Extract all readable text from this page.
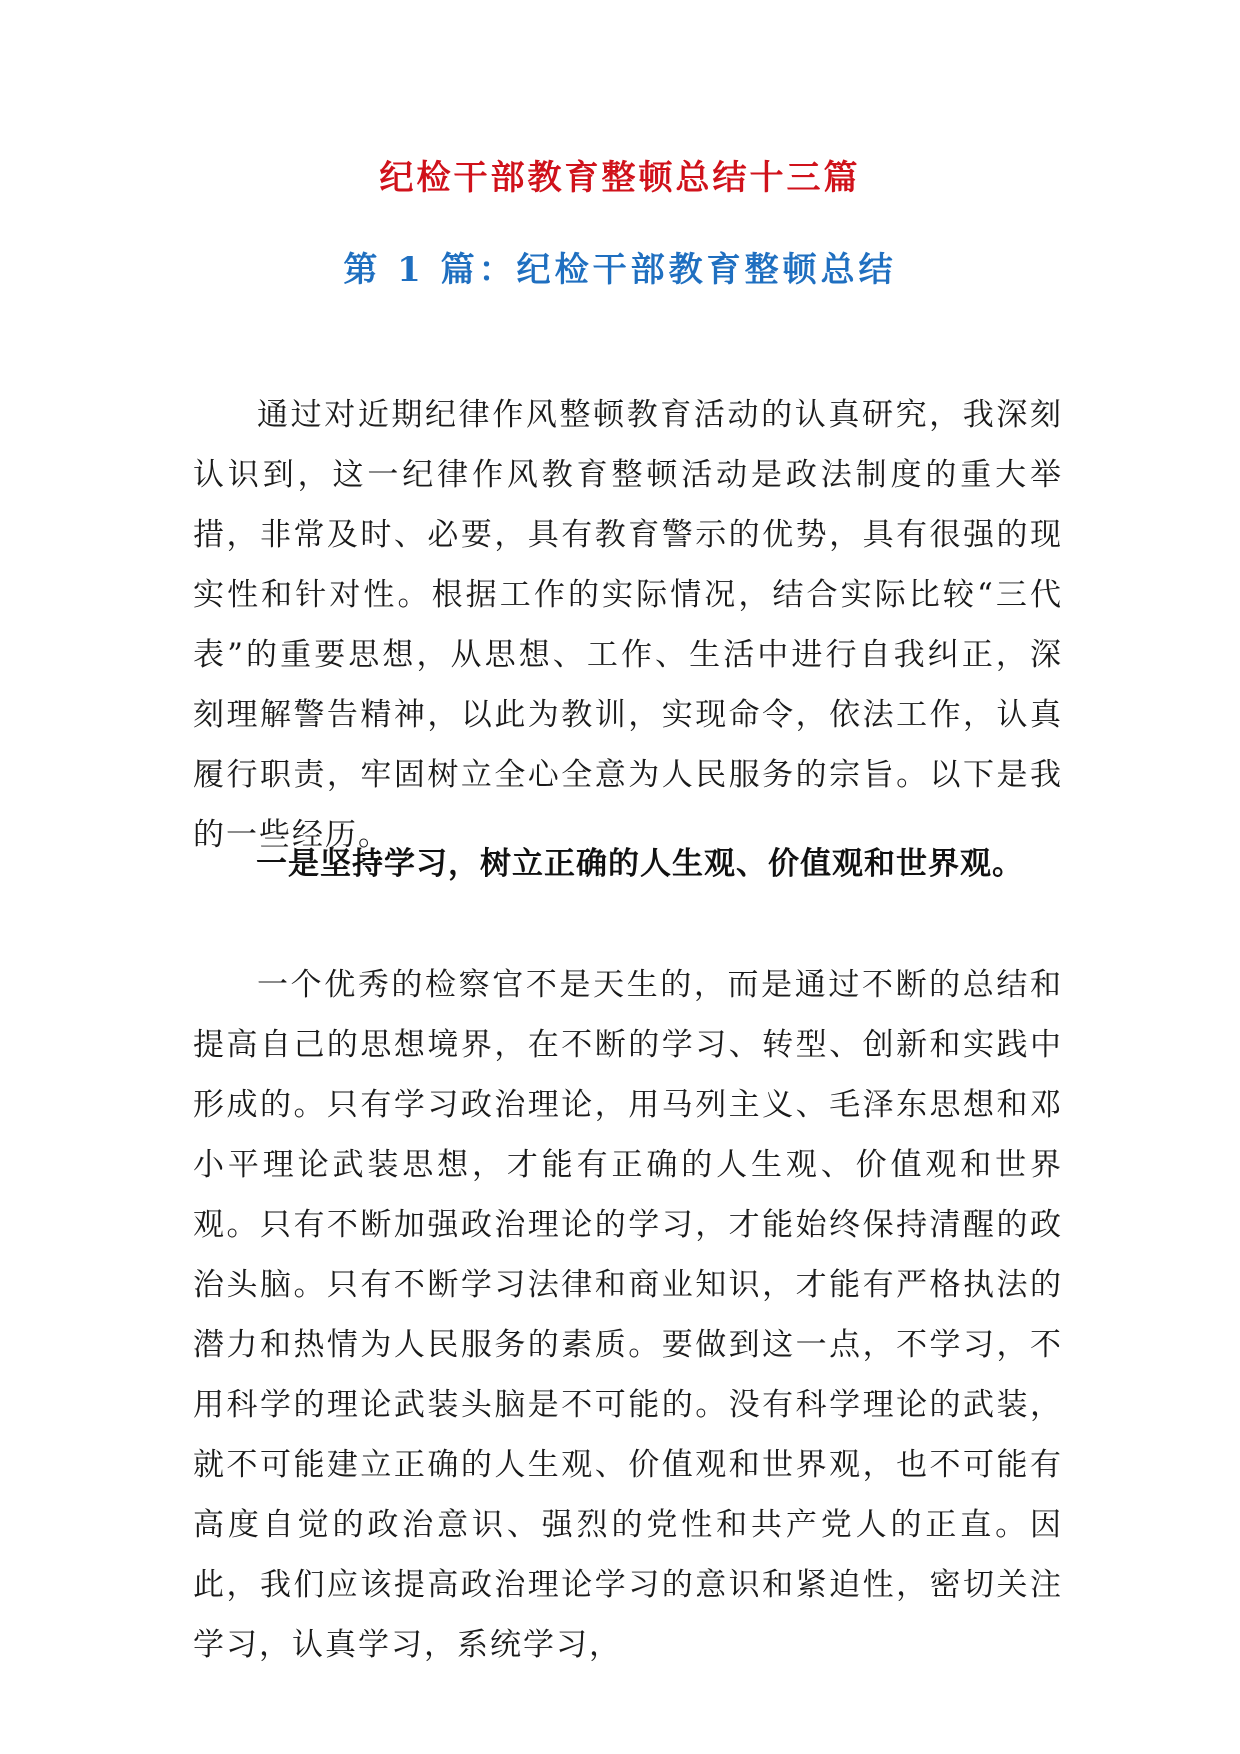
纪检干部教育整顿总结十三篇
第 1 篇：纪检干部教育整顿总结

通过对近期纪律作风整顿教育活动的认真研究，我深刻认识到，这一纪律作风教育整顿活动是政法制度的重大举措，非常及时、必要，具有教育警示的优势，具有很强的现实性和针对性。根据工作的实际情况，结合实际比较“三代表”的重要思想，从思想、工作、生活中进行自我纠正，深刻理解警告精神，以此为教训，实现命令，依法工作，认真履行职责，牢固树立全心全意为人民服务的宗旨。以下是我的一些经历。

一是坚持学习，树立正确的人生观、价值观和世界观。

一个优秀的检察官不是天生的，而是通过不断的总结和提高自己的思想境界，在不断的学习、转型、创新和实践中形成的。只有学习政治理论，用马列主义、毛泽东思想和邓小平理论武装思想，才能有正确的人生观、价值观和世界观。只有不断加强政治理论的学习，才能始终保持清醒的政治头脑。只有不断学习法律和商业知识，才能有严格执法的潜力和热情为人民服务的素质。要做到这一点，不学习，不用科学的理论武装头脑是不可能的。没有科学理论的武装，就不可能建立正确的人生观、价值观和世界观，也不可能有高度自觉的政治意识、强烈的党性和共产党人的正直。因此，我们应该提高政治理论学习的意识和紧迫性，密切关注学习，认真学习，系统学习，
